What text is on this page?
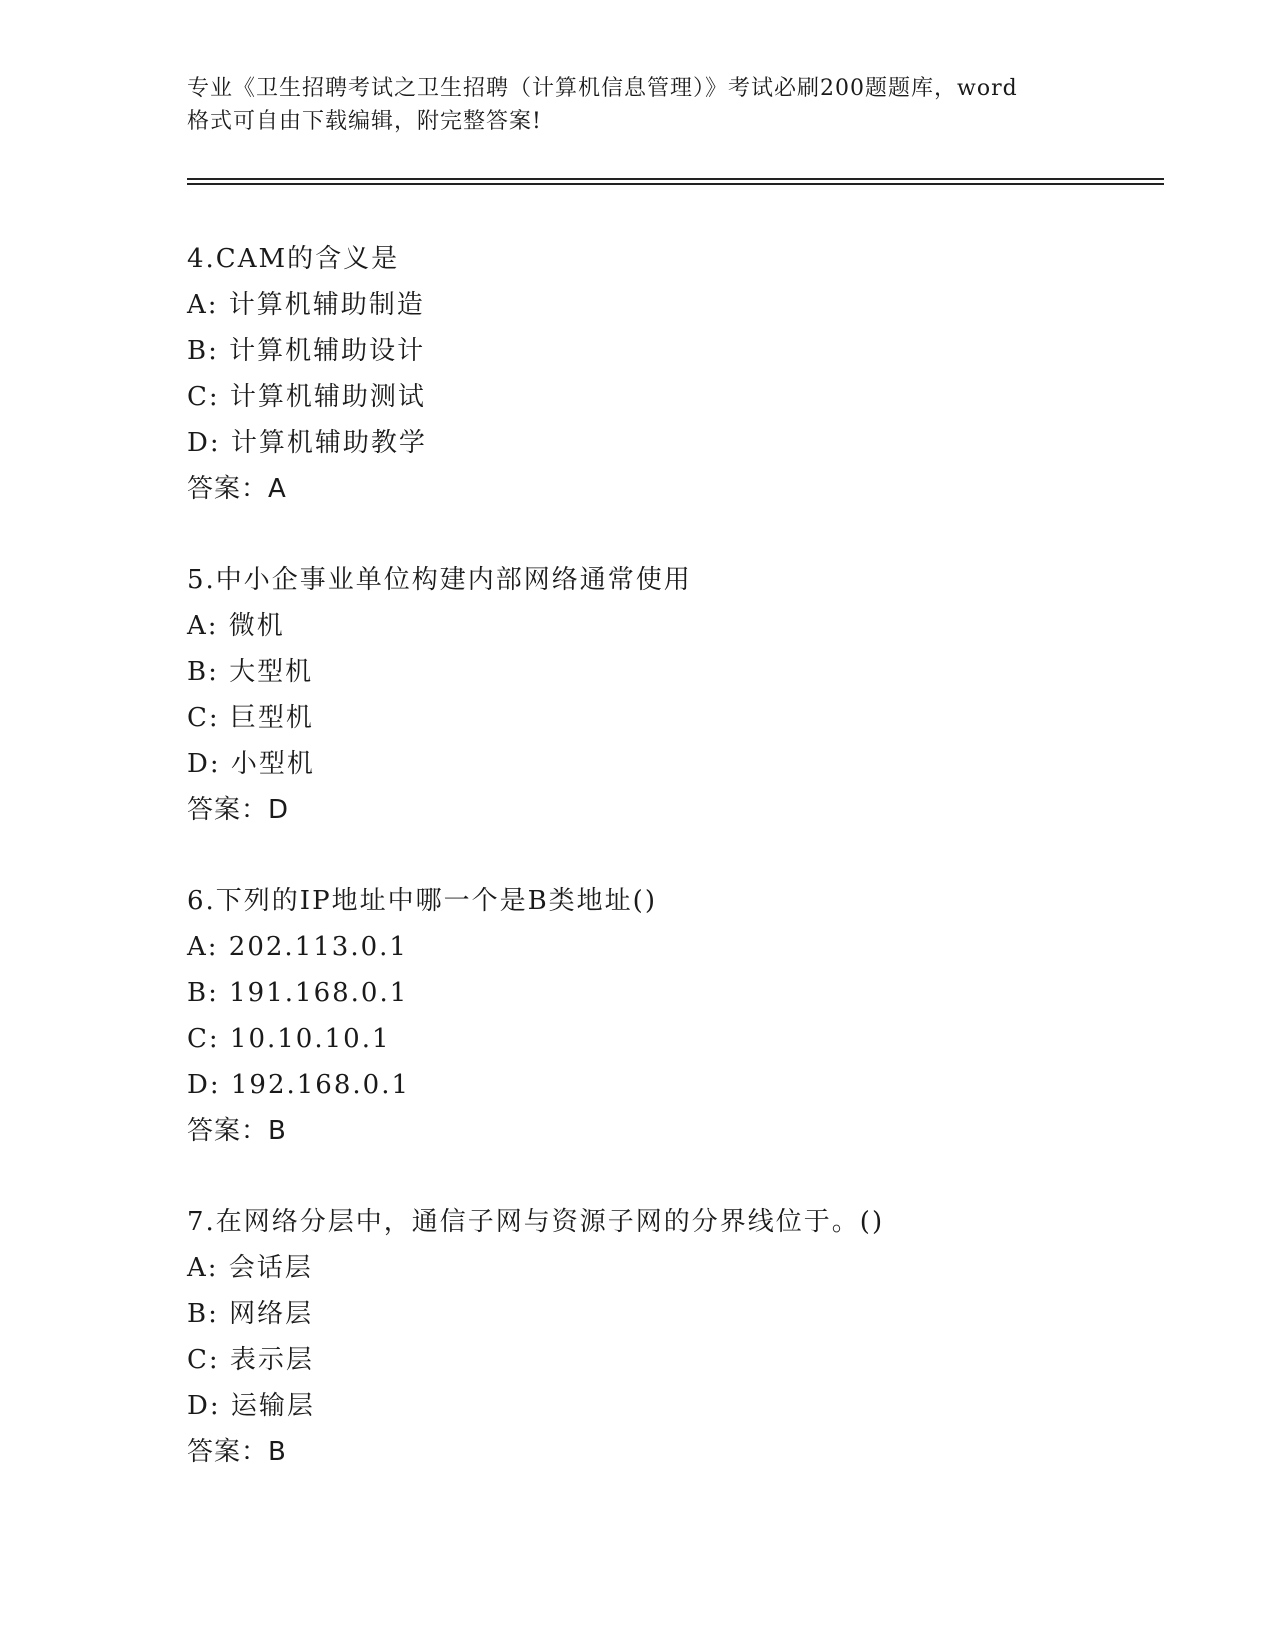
专业《卫生招聘考试之卫生招聘（计算机信息管理）》考试必刷200题题库，word
格式可自由下载编辑，附完整答案!
4.CAM的含义是
A: 计算机辅助制造
B: 计算机辅助设计
C: 计算机辅助测试
D: 计算机辅助教学
答案：A
5.中小企事业单位构建内部网络通常使用
A: 微机
B: 大型机
C: 巨型机
D: 小型机
答案：D
6.下列的IP地址中哪一个是B类地址()
A: 202.113.0.1
B: 191.168.0.1
C: 10.10.10.1
D: 192.168.0.1
答案：B
7.在网络分层中，通信子网与资源子网的分界线位于。()
A: 会话层
B: 网络层
C: 表示层
D: 运输层
答案：B
